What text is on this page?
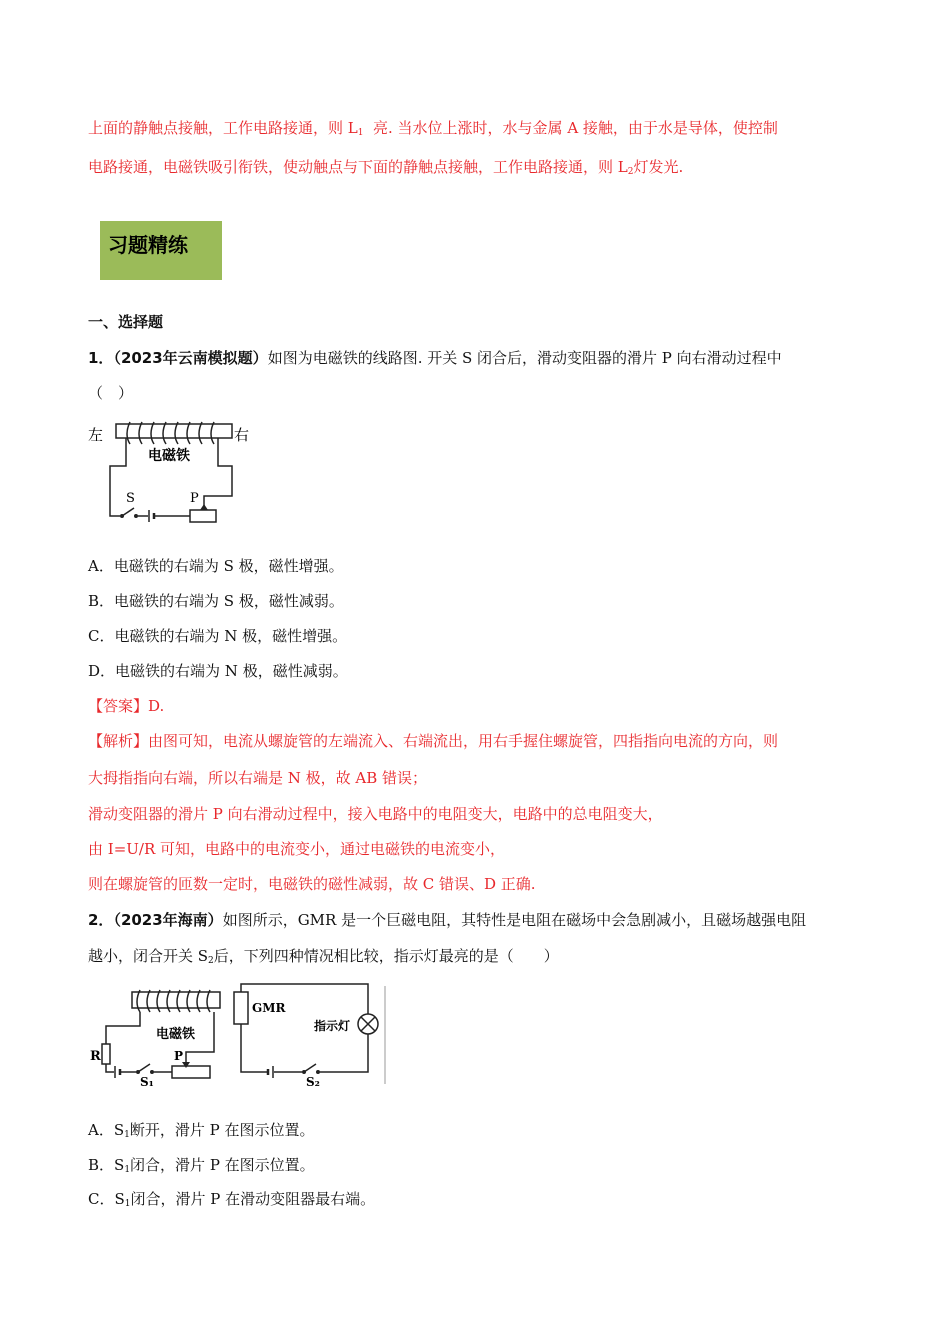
上面的静触点接触，工作电路接通，则 $L_1$ 亮. 当水位上涨时，水与金属 A 接触，由于水是导体，使控制
电路接通，电磁铁吸引衔铁，使动触点与下面的静触点接触，工作电路接通，则 $L_2$灯发光.
习题精练
一、选择题
1．（2023年云南模拟题）如图为电磁铁的线路图. 开关 S 闭合后，滑动变阻器的滑片 P 向右滑动过程中
（　）
左	右
电磁铁
S	P
A．电磁铁的右端为 S 极，磁性增强。
B．电磁铁的右端为 S 极，磁性减弱。
C．电磁铁的右端为 N 极，磁性增强。
D．电磁铁的右端为 N 极，磁性减弱。
【答案】D.
【解析】由图可知，电流从螺旋管的左端流入、右端流出，用右手握住螺旋管，四指指向电流的方向，则
大拇指指向右端，所以右端是 N 极，故 AB 错误；
滑动变阻器的滑片 P 向右滑动过程中，接入电路中的电阻变大，电路中的总电阻变大，
由 I=U/R 可知，电路中的电流变小，通过电磁铁的电流变小，
则在螺旋管的匝数一定时，电磁铁的磁性减弱，故 C 错误、D 正确.
2．（2023年海南）如图所示，GMR 是一个巨磁电阻，其特性是电阻在磁场中会急剧减小，且磁场越强电阻
越小，闭合开关 $S_2$后，下列四种情况相比较，指示灯最亮的是（　　）
电磁铁
R
S₁
P
GMR
指示灯
S₂
A．$S_1$断开，滑片 P 在图示位置。
B．$S_1$闭合，滑片 P 在图示位置。
C．$S_1$闭合，滑片 P 在滑动变阻器最右端。
